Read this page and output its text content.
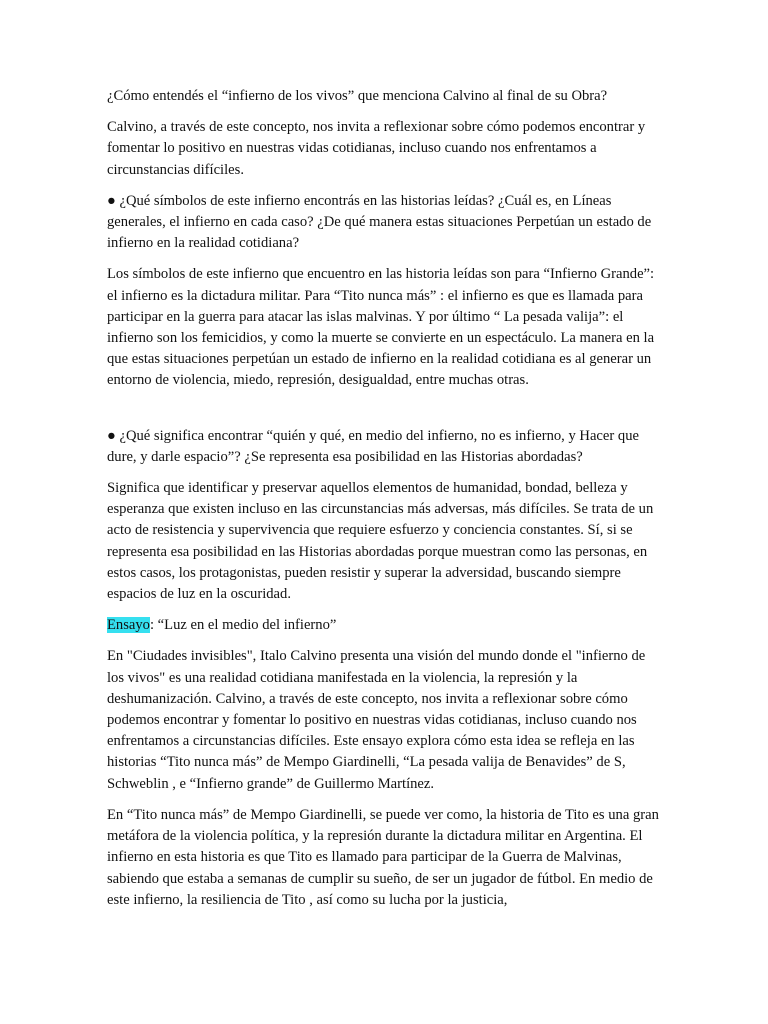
¿Cómo entendés el “infierno de los vivos” que menciona Calvino al final de su Obra?

Calvino, a través de este concepto, nos invita a reflexionar sobre cómo podemos encontrar y fomentar lo positivo en nuestras vidas cotidianas, incluso cuando nos enfrentamos a circunstancias difíciles.

● ¿Qué símbolos de este infierno encontrás en las historias leídas? ¿Cuál es, en Líneas generales, el infierno en cada caso? ¿De qué manera estas situaciones Perpetúan un estado de infierno en la realidad cotidiana?

Los símbolos de este infierno que encuentro en las historia leídas son para “Infierno Grande”: el infierno es la dictadura militar. Para “Tito nunca más” : el infierno es que es llamada para participar en la guerra para atacar las islas malvinas. Y por último “ La pesada valija”: el infierno son los femicidios, y como la muerte se convierte en un espectáculo. La manera en la que estas situaciones perpetúan un estado de infierno en la realidad cotidiana es al generar un entorno de violencia, miedo, represión, desigualdad, entre muchas otras.

● ¿Qué significa encontrar “quién y qué, en medio del infierno, no es infierno, y Hacer que dure, y darle espacio”? ¿Se representa esa posibilidad en las Historias abordadas?

Significa que identificar y preservar aquellos elementos de humanidad, bondad, belleza y esperanza que existen incluso en las circunstancias más adversas, más difíciles. Se trata de un acto de resistencia y supervivencia que requiere esfuerzo y conciencia constantes. Sí, si se representa esa posibilidad en las Historias abordadas porque muestran como las personas, en estos casos, los protagonistas, pueden resistir y superar la adversidad, buscando siempre espacios de luz en la oscuridad.

Ensayo: “Luz en el medio del infierno”

En "Ciudades invisibles", Italo Calvino presenta una visión del mundo donde el "infierno de los vivos" es una realidad cotidiana manifestada en la violencia, la represión y la deshumanización. Calvino, a través de este concepto, nos invita a reflexionar sobre cómo podemos encontrar y fomentar lo positivo en nuestras vidas cotidianas, incluso cuando nos enfrentamos a circunstancias difíciles. Este ensayo explora cómo esta idea se refleja en las historias “Tito nunca más” de Mempo Giardinelli, “La pesada valija de Benavides” de S, Schweblin , e “Infierno grande” de Guillermo Martínez.

En “Tito nunca más” de Mempo Giardinelli, se puede ver como, la historia de Tito es una gran metáfora de la violencia política, y la represión durante la dictadura militar en Argentina. El infierno en esta historia es que Tito es llamado para participar de la Guerra de Malvinas, sabiendo que estaba a semanas de cumplir su sueño, de ser un jugador de fútbol. En medio de este infierno, la resiliencia de Tito , así como su lucha por la justicia,
